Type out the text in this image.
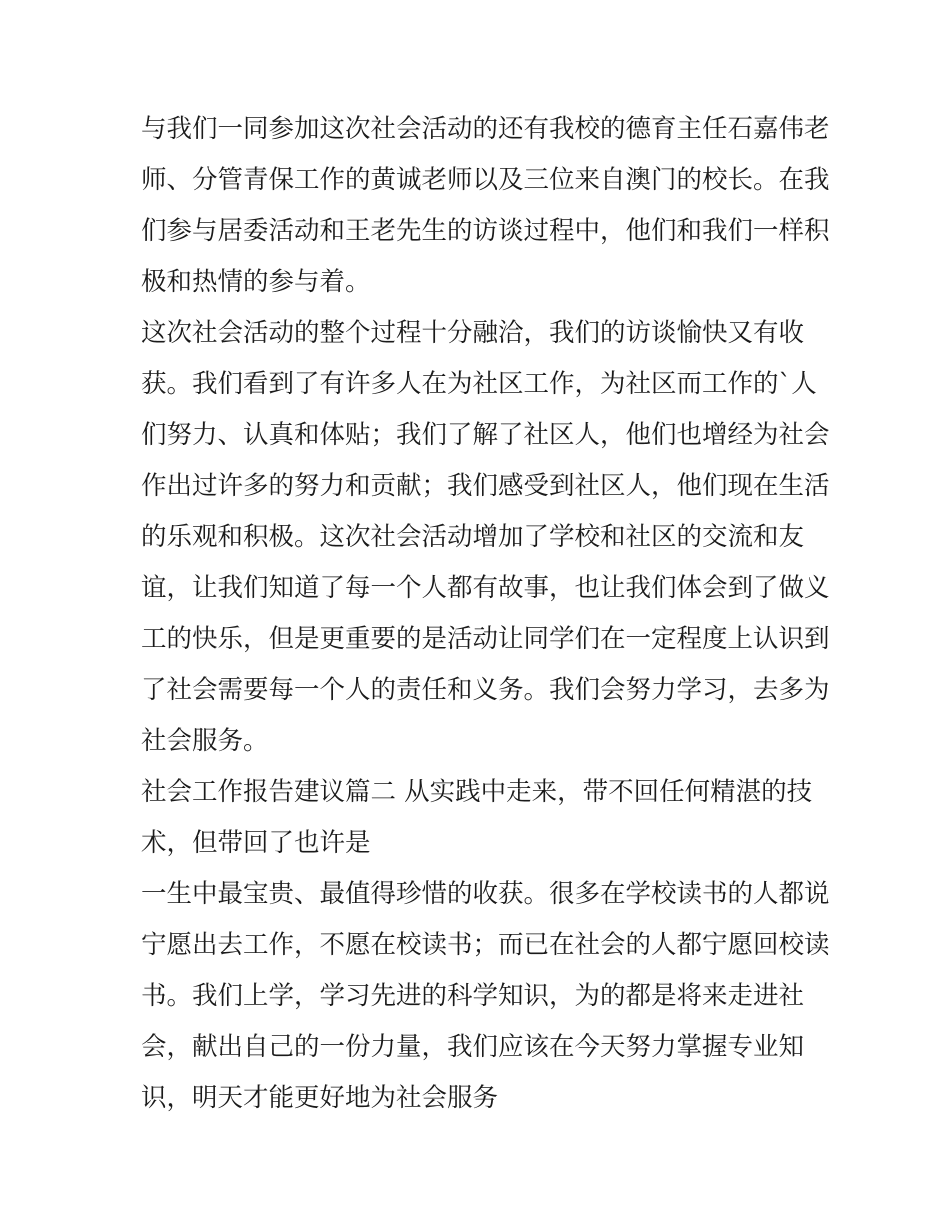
与我们一同参加这次社会活动的还有我校的德育主任石嘉伟老
师、分管青保工作的黄诚老师以及三位来自澳门的校长。在我
们参与居委活动和王老先生的访谈过程中，他们和我们一样积
极和热情的参与着。
这次社会活动的整个过程十分融洽，我们的访谈愉快又有收
获。我们看到了有许多人在为社区工作，为社区而工作的`人
们努力、认真和体贴；我们了解了社区人，他们也增经为社会
作出过许多的努力和贡献；我们感受到社区人，他们现在生活
的乐观和积极。这次社会活动增加了学校和社区的交流和友
谊，让我们知道了每一个人都有故事，也让我们体会到了做义
工的快乐，但是更重要的是活动让同学们在一定程度上认识到
了社会需要每一个人的责任和义务。我们会努力学习，去多为
社会服务。
社会工作报告建议篇二 从实践中走来，带不回任何精湛的技
术，但带回了也许是
一生中最宝贵、最值得珍惜的收获。很多在学校读书的人都说
宁愿出去工作，不愿在校读书；而已在社会的人都宁愿回校读
书。我们上学，学习先进的科学知识，为的都是将来走进社
会，献出自己的一份力量，我们应该在今天努力掌握专业知
识，明天才能更好地为社会服务
